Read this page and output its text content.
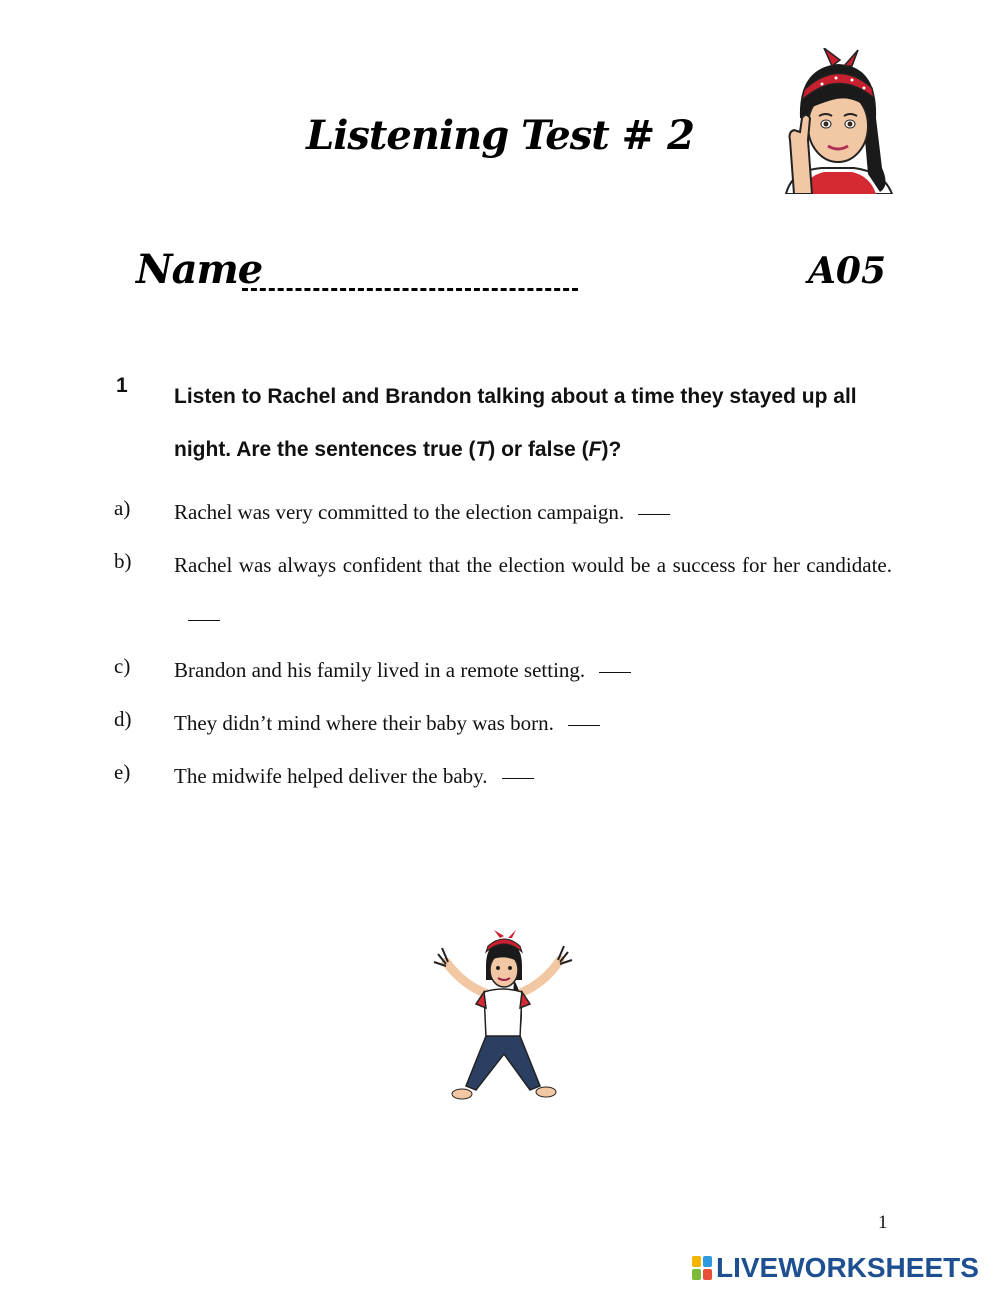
Listening Test # 2
Name	A05
1 Listen to Rachel and Brandon talking about a time they stayed up all night. Are the sentences true (T) or false (F)?
a) Rachel was very committed to the election campaign.
b) Rachel was always confident that the election would be a success for her candidate.
c) Brandon and his family lived in a remote setting.
d) They didn’t mind where their baby was born.
e) The midwife helped deliver the baby.
1
LIVEWORKSHEETS
